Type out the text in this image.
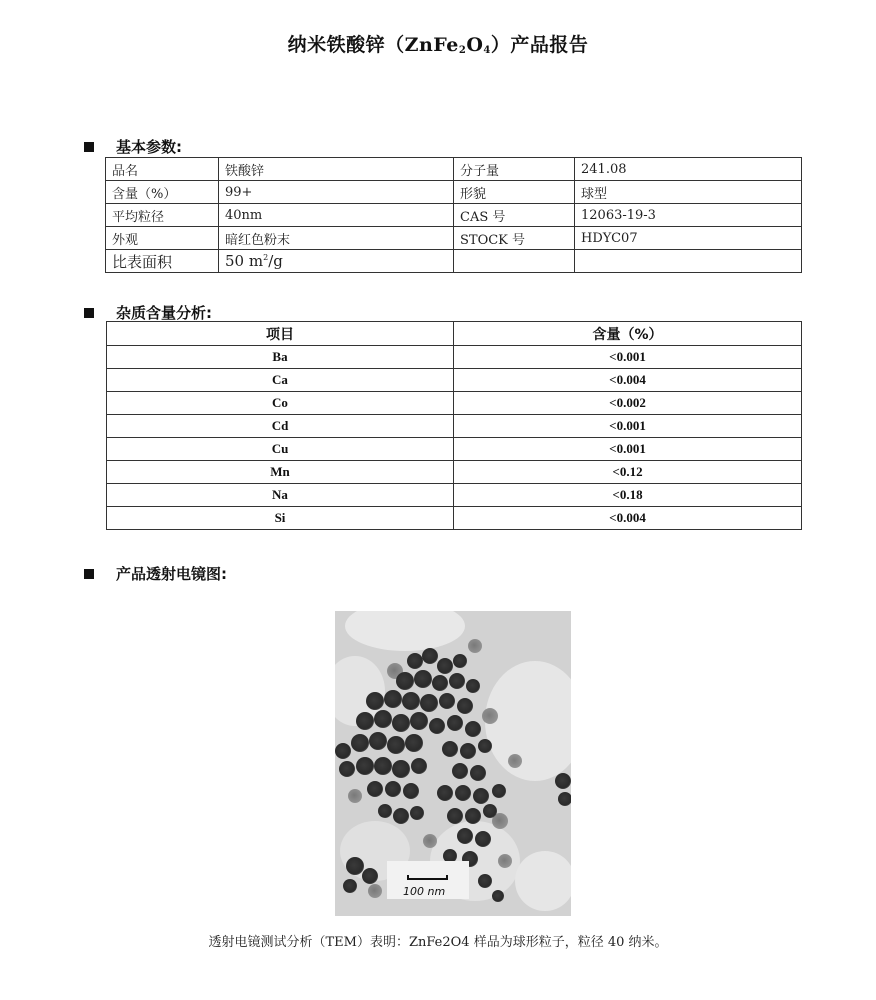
纳米铁酸锌$(ZnFe_2O_4)$产品报告
基本参数:
品名	铁酸锌	分子量	241.08
含量（%）	99+	形貌	球型
平均粒径	40nm	CAS 号	12063-19-3
外观	暗红色粉末	STOCK 号	HDYC07
比表面积	50 $m^2/g$		
杂质含量分析:
项目	含量（%）
Ba	<0.001
Ca	<0.004
Co	<0.002
Cd	<0.001
Cu	<0.001
Mn	<0.12
Na	<0.18
Si	<0.004
产品透射电镜图:
100 nm
透射电镜测试分析（TEM）表明：ZnFe2O4 样品为球形粒子，粒径 40 纳米。
